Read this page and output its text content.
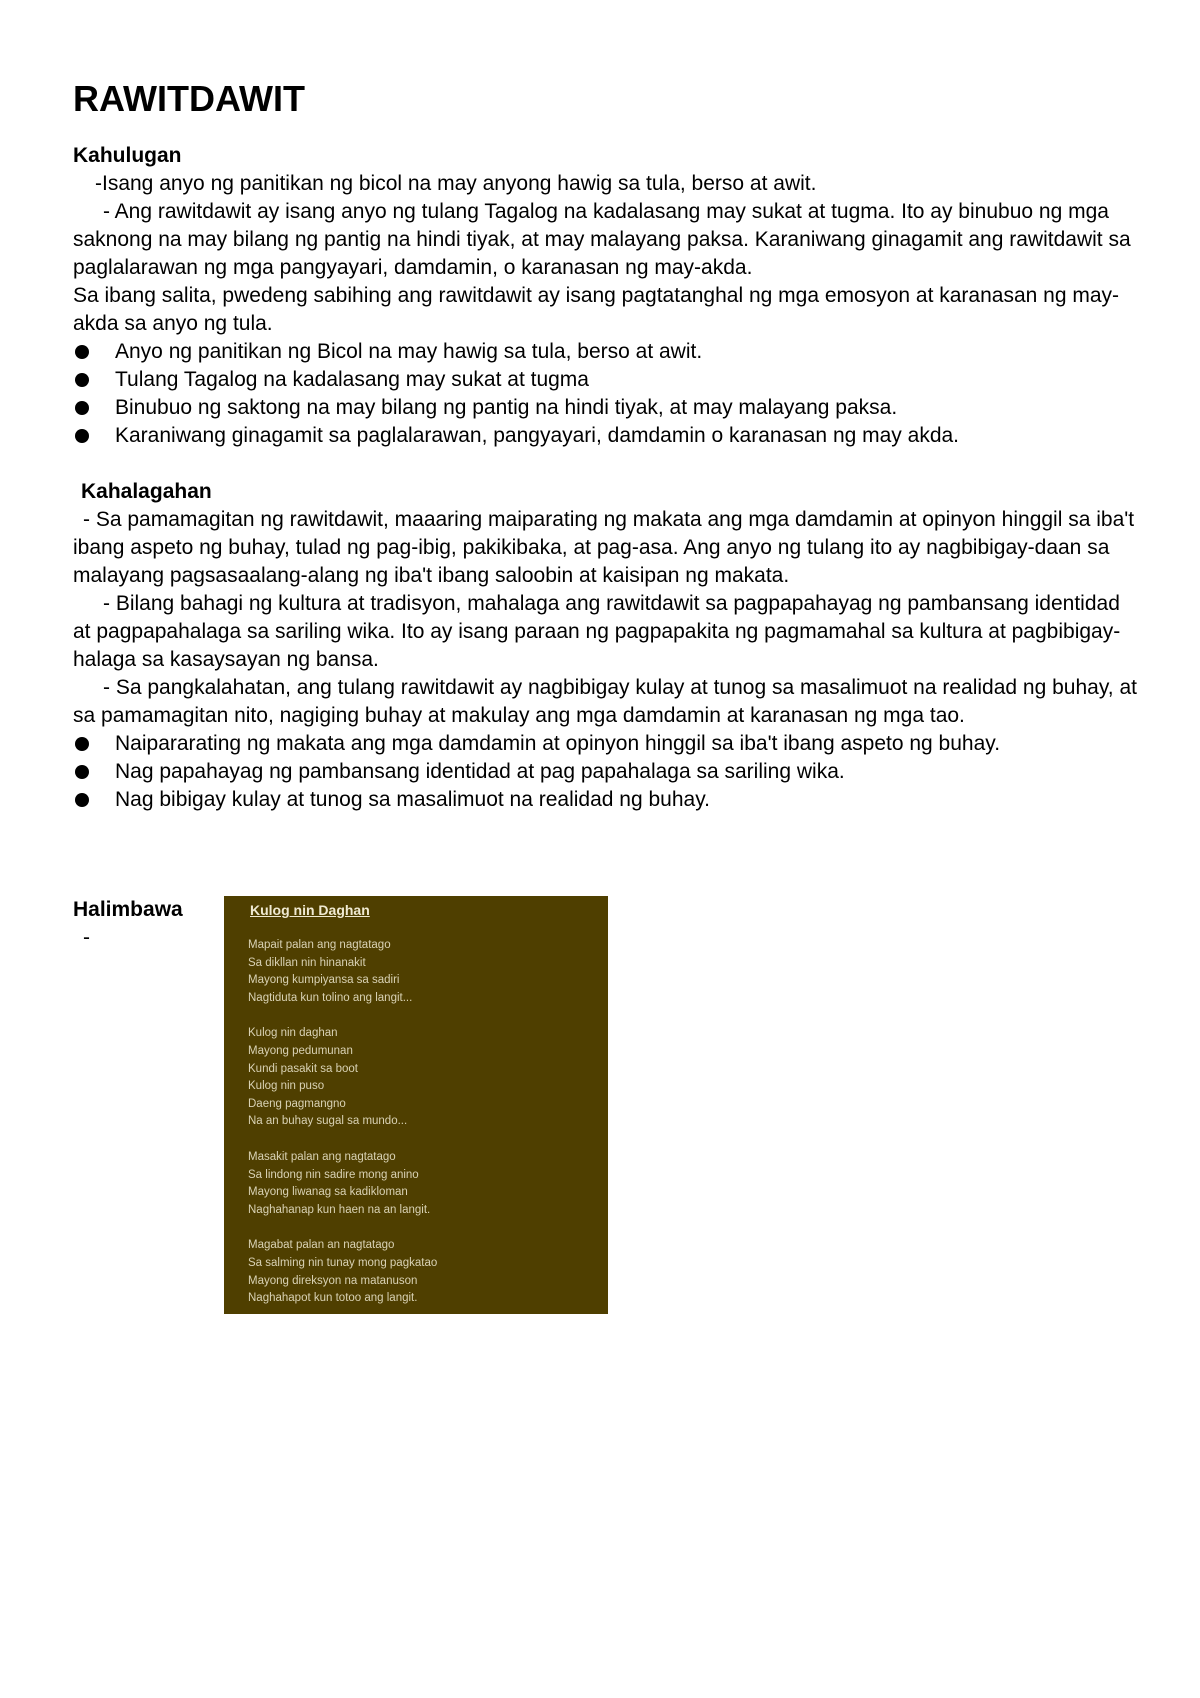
RAWITDAWIT
Kahulugan
-Isang anyo ng panitikan ng bicol na may anyong hawig sa tula, berso at awit.
- Ang rawitdawit ay isang anyo ng tulang Tagalog na kadalasang may sukat at tugma. Ito ay binubuo ng mga saknong na may bilang ng pantig na hindi tiyak, at may malayang paksa. Karaniwang ginagamit ang rawitdawit sa paglalarawan ng mga pangyayari, damdamin, o karanasan ng may-akda.
Sa ibang salita, pwedeng sabihing ang rawitdawit ay isang pagtatanghal ng mga emosyon at karanasan ng may-akda sa anyo ng tula.
Anyo ng panitikan ng Bicol na may hawig sa tula, berso at awit.
Tulang Tagalog na kadalasang may sukat at tugma
Binubuo ng saktong na may bilang ng pantig na hindi tiyak, at may malayang paksa.
Karaniwang ginagamit sa paglalarawan, pangyayari, damdamin o karanasan ng may akda.
Kahalagahan
- Sa pamamagitan ng rawitdawit, maaaring maiparating ng makata ang mga damdamin at opinyon hinggil sa iba't ibang aspeto ng buhay, tulad ng pag-ibig, pakikibaka, at pag-asa. Ang anyo ng tulang ito ay nagbibigay-daan sa malayang pagsasaalang-alang ng iba't ibang saloobin at kaisipan ng makata.
- Bilang bahagi ng kultura at tradisyon, mahalaga ang rawitdawit sa pagpapahayag ng pambansang identidad at pagpapahalaga sa sariling wika. Ito ay isang paraan ng pagpapakita ng pagmamahal sa kultura at pagbibigay-halaga sa kasaysayan ng bansa.
- Sa pangkalahatan, ang tulang rawitdawit ay nagbibigay kulay at tunog sa masalimuot na realidad ng buhay, at sa pamamagitan nito, nagiging buhay at makulay ang mga damdamin at karanasan ng mga tao.
Naipararating ng makata ang mga damdamin at opinyon hinggil sa iba't ibang aspeto ng buhay.
Nag papahayag ng pambansang identidad at pag papahalaga sa sariling wika.
Nag bibigay kulay at tunog sa masalimuot na realidad ng buhay.
Halimbawa
-
Kulog nin Daghan
Mapait palan ang nagtatago
Sa dikllan nin hinanakit
Mayong kumpiyansa sa sadiri
Nagtiduta kun tolino ang langit...
Kulog nin daghan
Mayong pedumunan
Kundi pasakit sa boot
Kulog nin puso
Daeng pagmangno
Na an buhay sugal sa mundo...
Masakit palan ang nagtatago
Sa lindong nin sadire mong anino
Mayong liwanag sa kadikloman
Naghahanap kun haen na an langit.
Magabat palan an nagtatago
Sa salming nin tunay mong pagkatao
Mayong direksyon na matanuson
Naghahapot kun totoo ang langit.
